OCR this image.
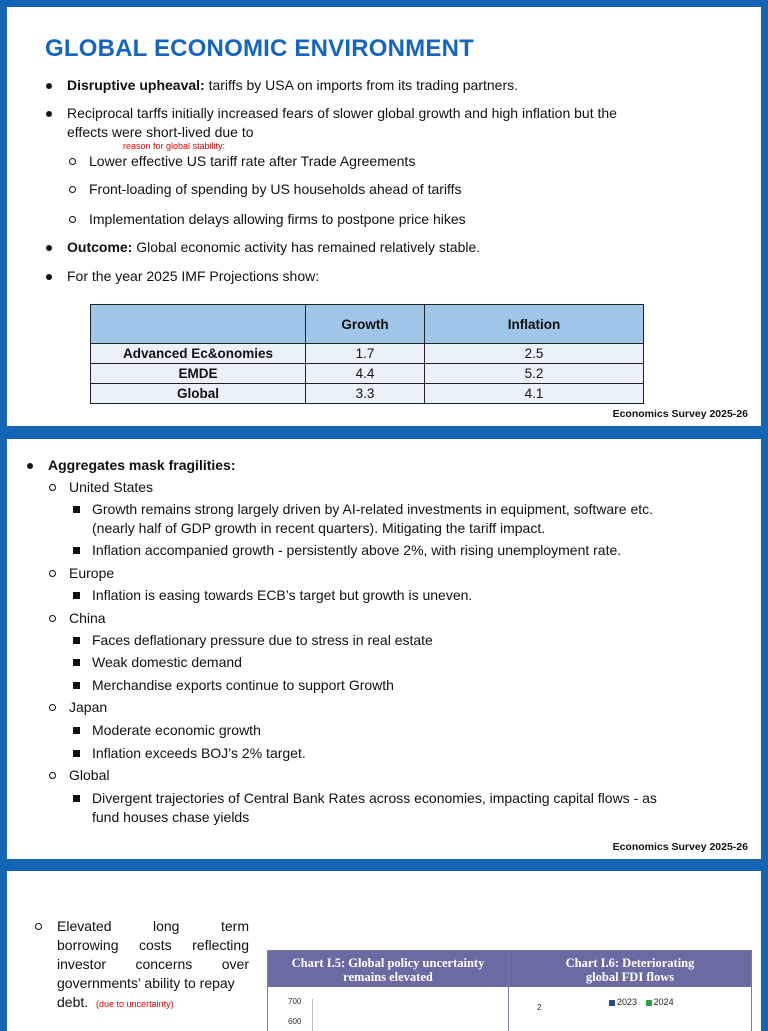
GLOBAL ECONOMIC ENVIRONMENT
Disruptive upheaval: tariffs by USA on imports from its trading partners.
Reciprocal tarffs initially increased fears of slower global growth and high inflation but the
effects were short-lived due to
reason for global stability:
Lower effective US tariff rate after Trade Agreements
Front-loading of spending by US households ahead of tariffs
Implementation delays allowing firms to postpone price hikes
Outcome: Global economic activity has remained relatively stable.
For the year 2025 IMF Projections show:
	Growth	Inflation
Advanced Ec&onomies	1.7	2.5
EMDE	4.4	5.2
Global	3.3	4.1
Economics Survey 2025-26
Aggregates mask fragilities:
United States
Growth remains strong largely driven by AI-related investments in equipment, software etc.
(nearly half of GDP growth in recent quarters). Mitigating the tariff impact.
Inflation accompanied growth - persistently above 2%, with rising unemployment rate.
Europe
Inflation is easing towards ECB’s target but growth is uneven.
China
Faces deflationary pressure due to stress in real estate
Weak domestic demand
Merchandise exports continue to support Growth
Japan
Moderate economic growth
Inflation exceeds BOJ’s 2% target.
Global
Divergent trajectories of Central Bank Rates across economies, impacting capital flows - as
fund houses chase yields
Economics Survey 2025-26
Elevated	long	term
borrowing costs reflecting
investor concerns over
governments’ ability to repay
debt. (due to uncertainty)
Chart I.5: Global policy uncertainty
remains elevated
700
600
Chart I.6: Deteriorating
global FDI flows
2
2023 2024
